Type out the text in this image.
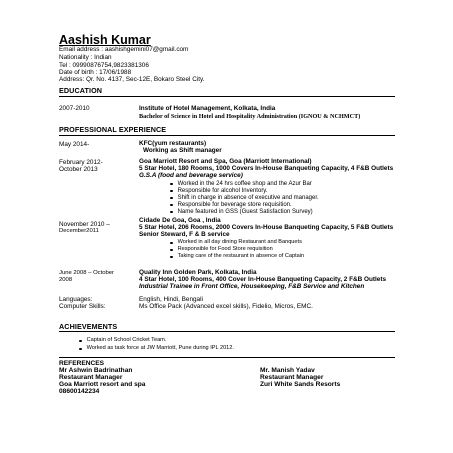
Aashish Kumar
Email address : aashishgemini07@gmail.com
Nationality : Indian
Tel : 09990876754,9823381306
Date of birth : 17/06/1988
Address: Qr. No. 4137, Sec-12E, Bokaro Steel City.
EDUCATION
2007-2010	Institute of Hotel Management, Kolkata, India
Bachelor of Science in Hotel and Hospitality Administration (IGNOU & NCHMCT)
PROFESSIONAL EXPERIENCE
May 2014-	KFC(yum restaurants)
Working as Shift manager
February 2012-
October 2013
Goa Marriott Resort and Spa, Goa (Marriott International)
5 Star Hotel, 180 Rooms, 1000 Covers In-House Banqueting Capacity, 4 F&B Outlets
G.S.A (food and beverage service)
Worked in the 24 hrs coffee shop and the Azur Bar
Responsible for alcohol Inventory.
Shift in charge in absence of executive and manager.
Responsible for beverage store requisition.
Name featured in GSS (Guest Satisfaction Survey)
November 2010 –
December2011
Cidade De Goa, Goa , India
5 Star Hotel, 206 Rooms, 2000 Covers In-House Banqueting Capacity, 5 F&B Outlets
Senior Steward, F & B service
Worked in all day dining Restaurant and Banquets
Responsible for Food Store requisition
Taking care of the restaurant in absence of Captain
June 2008 – October
2008
Quality Inn Golden Park, Kolkata, India
4 Star Hotel, 100 Rooms, 400 Cover In-House Banqueting Capacity, 2 F&B Outlets
Industrial Trainee in Front Office, Housekeeping, F&B Service and Kitchen
Languages:	English, Hindi, Bengali
Computer Skills:	Ms Office Pack (Advanced excel skills), Fidelio, Micros, EMC.
ACHIEVEMENTS
Captain of School Cricket Team.
Worked as task force at JW Marriott, Pune during IPL 2012.
REFERENCES
Mr Ashwin Badrinathan
Restaurant Manager
Goa Marriott resort and spa
08600142234
Mr. Manish Yadav
Restaurant Manager
Zuri White Sands Resorts
